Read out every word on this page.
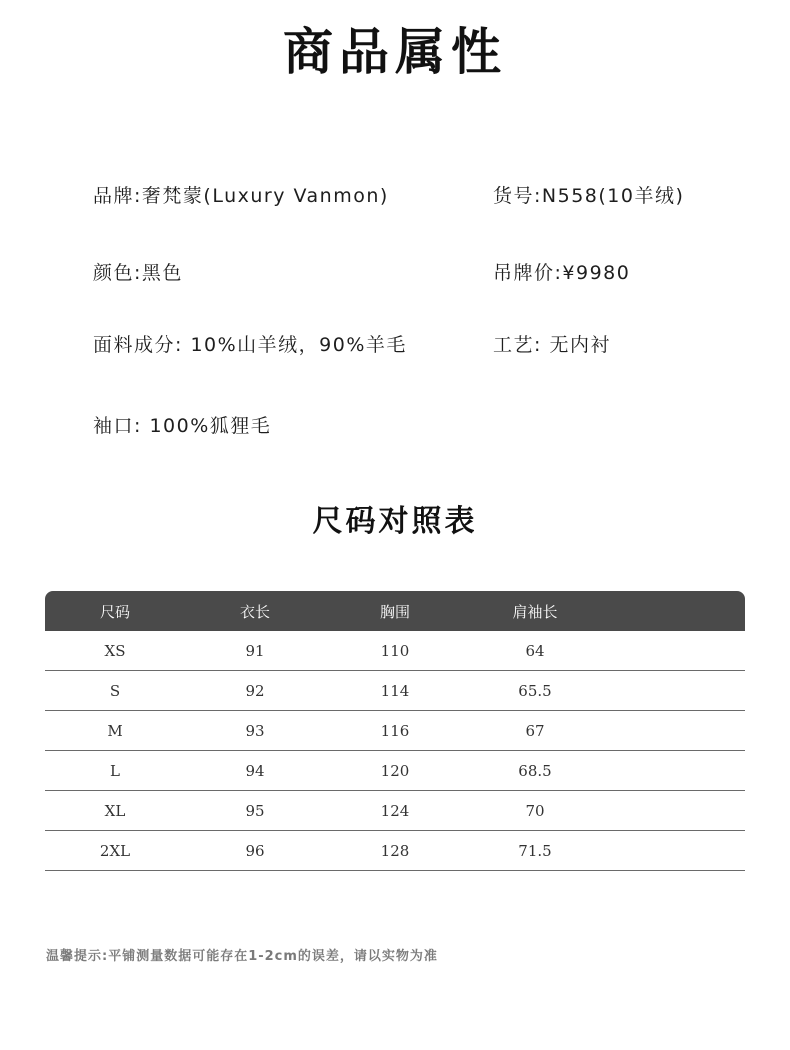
商品属性
品牌:奢梵蒙(Luxury Vanmon)	货号:N558(10羊绒)
颜色:黑色	吊牌价:¥9980
面料成分: 10%山羊绒，90%羊毛	工艺: 无内衬
袖口: 100%狐狸毛
尺码对照表
尺码	衣长	胸围	肩袖长
XS	91	110	64
S	92	114	65.5
M	93	116	67
L	94	120	68.5
XL	95	124	70
2XL	96	128	71.5
温馨提示:平铺测量数据可能存在1-2cm的误差，请以实物为准
